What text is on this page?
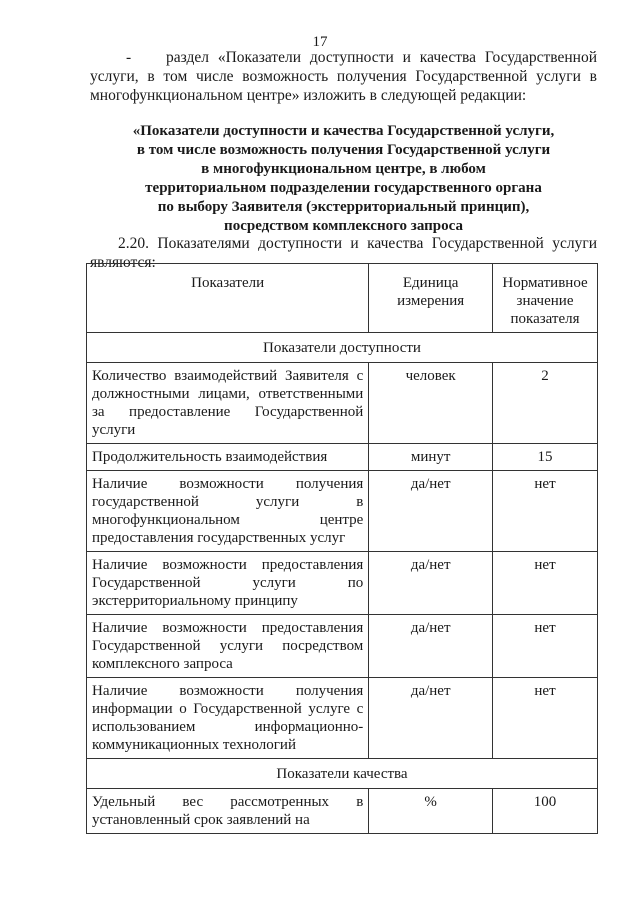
17
- раздел «Показатели доступности и качества Государственной услуги, в том числе возможность получения Государственной услуги в многофункциональном центре» изложить в следующей редакции:
«Показатели доступности и качества Государственной услуги,
в том числе возможность получения Государственной услуги
в многофункциональном центре, в любом
территориальном подразделении государственного органа
по выбору Заявителя (экстерриториальный принцип),
посредством комплексного запроса
2.20. Показателями доступности и качества Государственной услуги
являются:
Показатели	Единица измерения	Нормативное значение показателя
Показатели доступности		
Количество взаимодействий Заявителя с должностными лицами, ответственными за предоставление Государственной услуги	человек	2
Продолжительность взаимодействия	минут	15
Наличие возможности получения государственной услуги в многофункциональном центре предоставления государственных услуг	да/нет	нет
Наличие возможности предоставления Государственной услуги по экстерриториальному принципу	да/нет	нет
Наличие возможности предоставления Государственной услуги посредством комплексного запроса	да/нет	нет
Наличие возможности получения информации о Государственной услуге с использованием информационно-коммуникационных технологий	да/нет	нет
Показатели качества		
Удельный вес рассмотренных в установленный срок заявлений на	%	100
